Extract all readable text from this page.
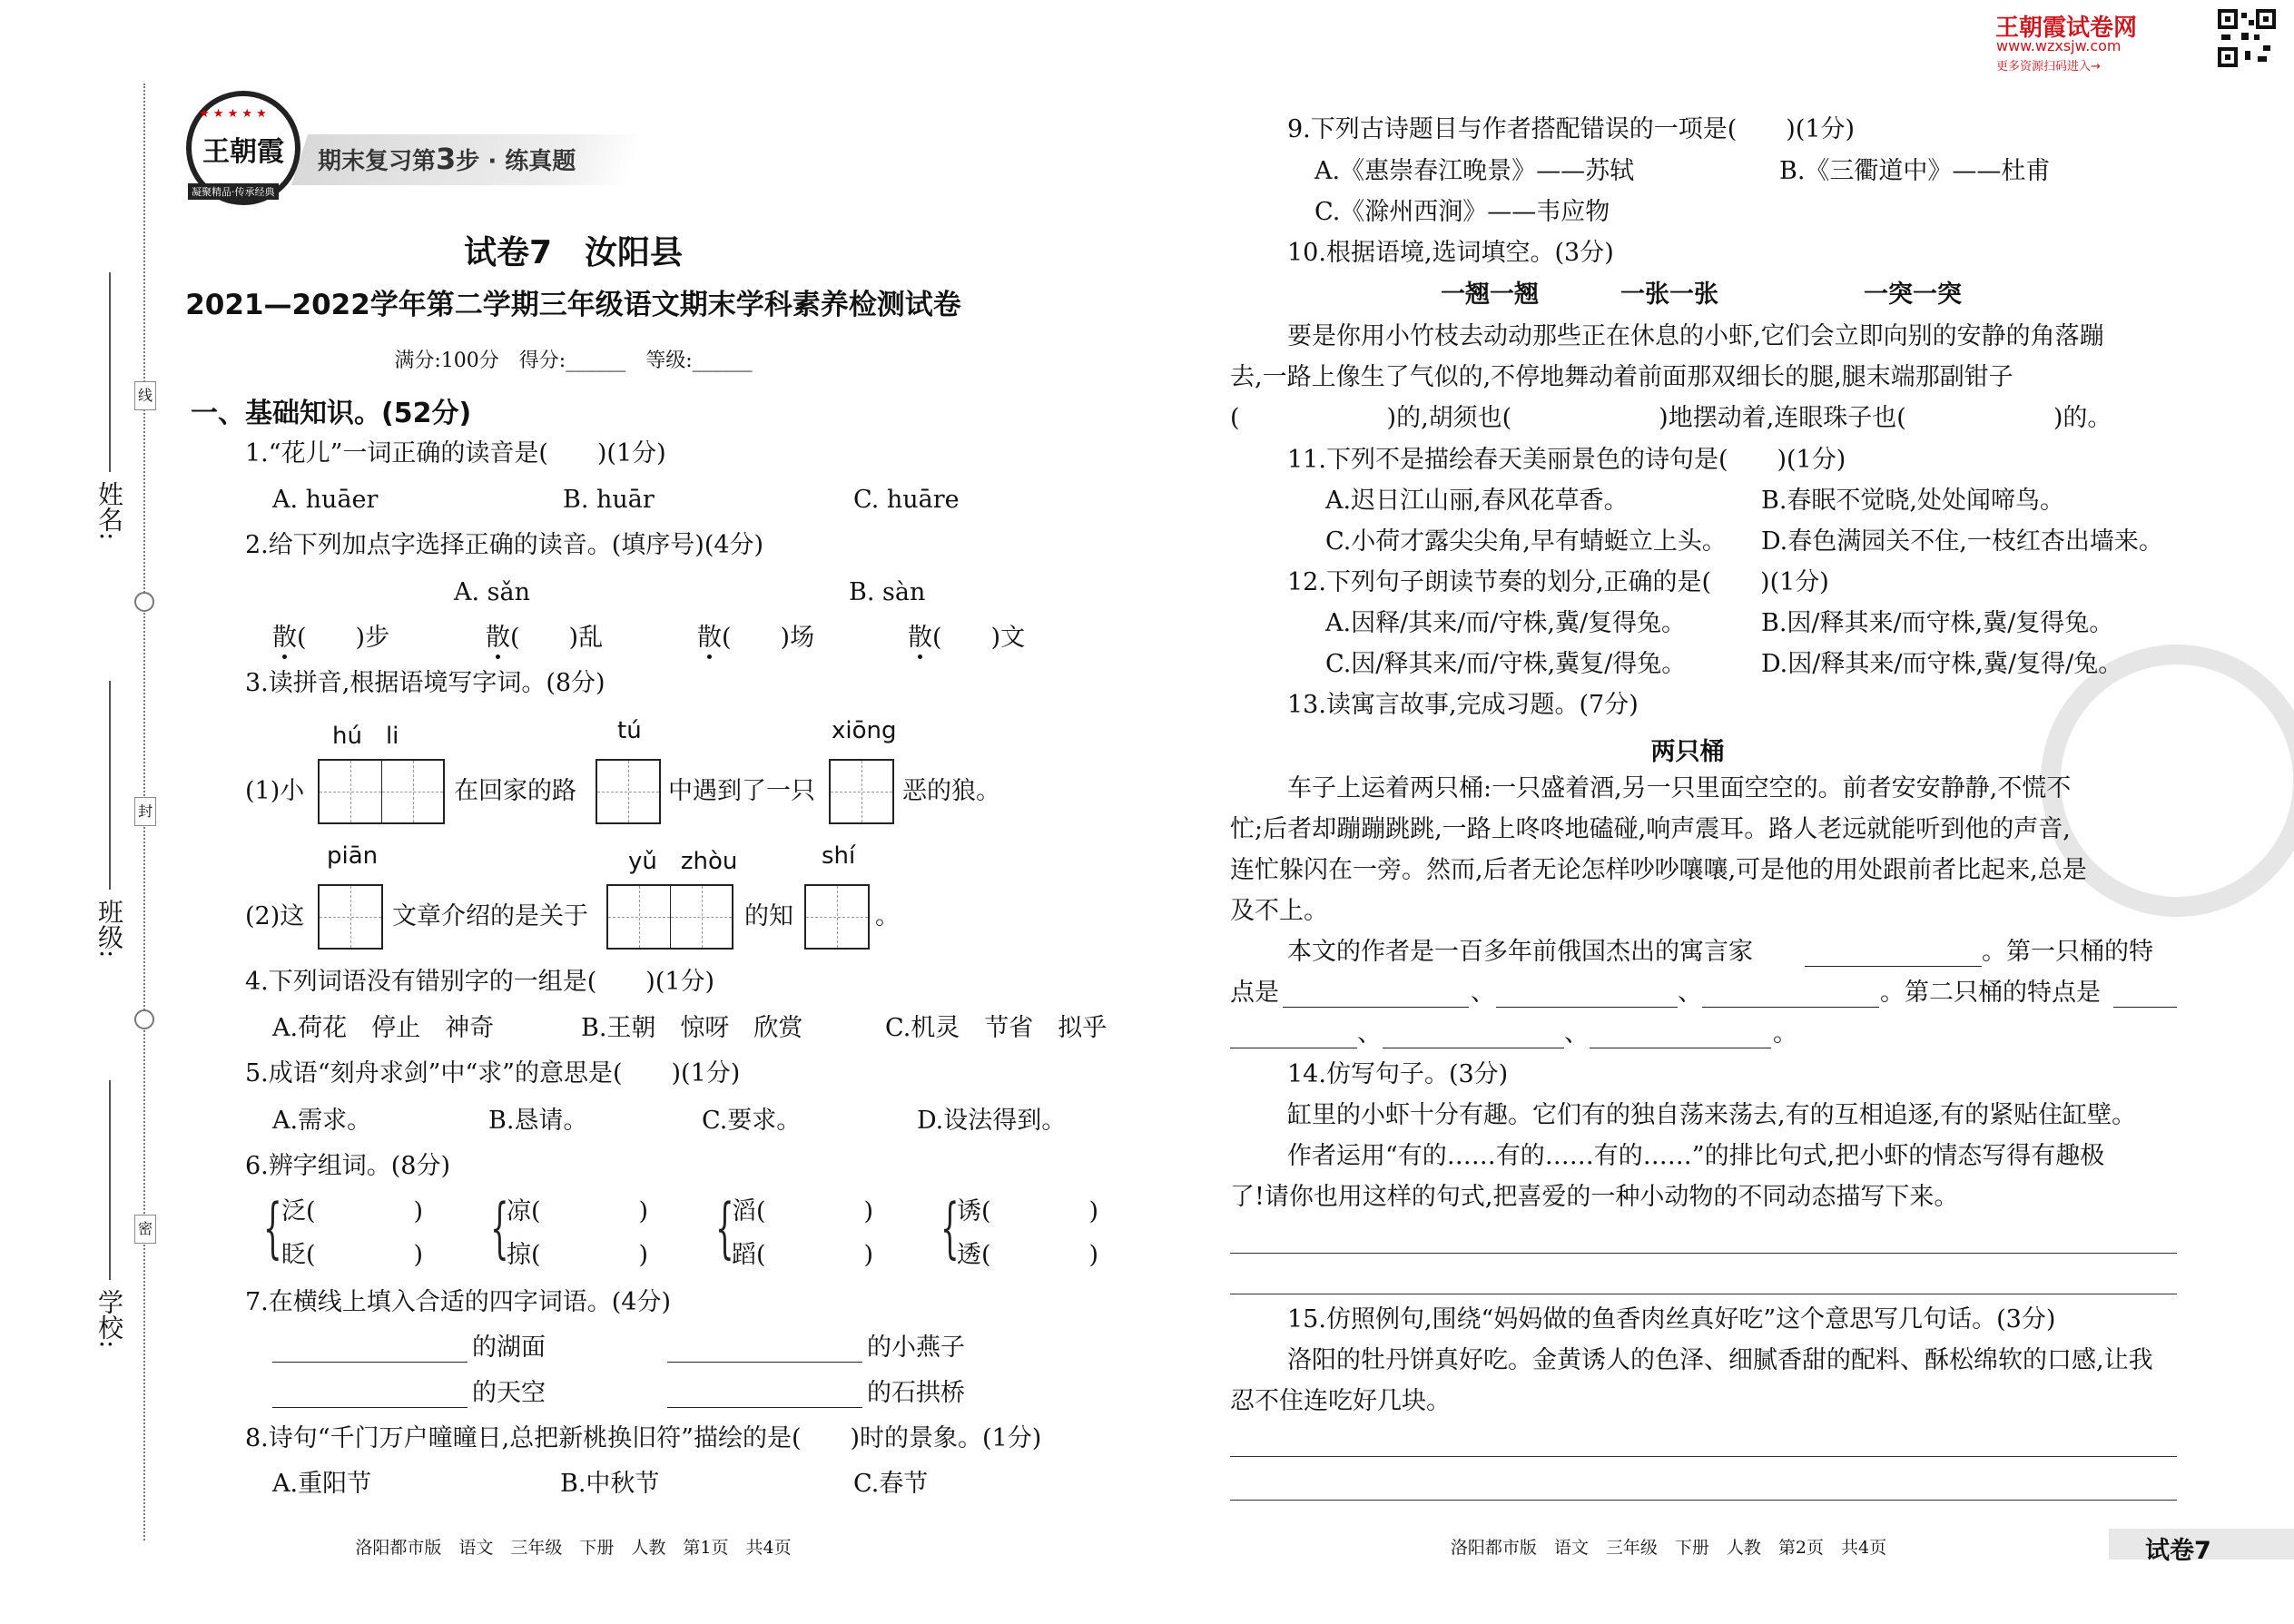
线
封
密
姓名:
班级:
学校:
★ ★ ★ ★ ★
王朝霞
凝聚精品·传承经典
期末复习第3步 · 练真题
试卷7　汝阳县
2021—2022学年第二学期三年级语文期末学科素养检测试卷
满分:100分　得分:______　等级:______
一、基础知识。(52分)
1.“花儿”一词正确的读音是(　　)(1分)
A. huāer	B. huār	C. huāre
2.给下列加点字选择正确的读音。(填序号)(4分)
A. sǎn	B. sàn
散(　　)步	散(　　)乱	散(　　)场	散(　　)文
3.读拼音,根据语境写字词。(8分)
hú　li	tú	xiōng
(1)小	在回家的路	中遇到了一只	恶的狼。
piān	yǔ　zhòu	shí
(2)这	文章介绍的是关于	的知	。
4.下列词语没有错别字的一组是(　　)(1分)
A.荷花　停止　神奇	B.王朝　惊呀　欣赏	C.机灵　节省　拟乎
5.成语“刻舟求剑”中“求”的意思是(　　)(1分)
A.需求。	B.恳请。	C.要求。	D.设法得到。
6.辨字组词。(8分)
{ 泛(　　　　)
眨(　　　　) {
凉(　　　　)
掠(　　　　) {
滔(　　　　)
蹈(　　　　) {
诱(　　　　)
透(　　　　)
7.在横线上填入合适的四字词语。(4分)
的湖面	的小燕子
的天空	的石拱桥
8.诗句“千门万户曈曈日,总把新桃换旧符”描绘的是(　　)时的景象。(1分)
A.重阳节	B.中秋节	C.春节
洛阳都市版　语文　三年级　下册　人教　第1页　共4页
王朝霞试卷网
www.wzxsjw.com
更多资源扫码进入→
9.下列古诗题目与作者搭配错误的一项是(　　)(1分)
A.《惠崇春江晚景》——苏轼	B.《三衢道中》——杜甫
C.《滁州西涧》——韦应物
10.根据语境,选词填空。(3分)
一翘一翘	一张一张	一突一突
要是你用小竹枝去动动那些正在休息的小虾,它们会立即向别的安静的角落蹦
去,一路上像生了气似的,不停地舞动着前面那双细长的腿,腿末端那副钳子
(　　　　　　)的,胡须也(　　　　　　)地摆动着,连眼珠子也(　　　　　　)的。
11.下列不是描绘春天美丽景色的诗句是(　　)(1分)
A.迟日江山丽,春风花草香。	B.春眠不觉晓,处处闻啼鸟。
C.小荷才露尖尖角,早有蜻蜓立上头。 D.春色满园关不住,一枝红杏出墙来。
12.下列句子朗读节奏的划分,正确的是(　　)(1分)
A.因释/其来/而/守株,冀/复得兔。	B.因/释其来/而守株,冀/复得兔。
C.因/释其来/而/守株,冀复/得兔。	D.因/释其来/而守株,冀/复得/兔。
13.读寓言故事,完成习题。(7分)
两只桶
车子上运着两只桶:一只盛着酒,另一只里面空空的。前者安安静静,不慌不
忙;后者却蹦蹦跳跳,一路上咚咚地磕碰,响声震耳。路人老远就能听到他的声音,
连忙躲闪在一旁。然而,后者无论怎样吵吵嚷嚷,可是他的用处跟前者比起来,总是
及不上。
本文的作者是一百多年前俄国杰出的寓言家	。第一只桶的特
点是	、	、	。第二只桶的特点是
、	、	。
14.仿写句子。(3分)
缸里的小虾十分有趣。它们有的独自荡来荡去,有的互相追逐,有的紧贴住缸壁。
作者运用“有的……有的……有的……”的排比句式,把小虾的情态写得有趣极
了!请你也用这样的句式,把喜爱的一种小动物的不同动态描写下来。
15.仿照例句,围绕“妈妈做的鱼香肉丝真好吃”这个意思写几句话。(3分)
洛阳的牡丹饼真好吃。金黄诱人的色泽、细腻香甜的配料、酥松绵软的口感,让我
忍不住连吃好几块。
洛阳都市版　语文　三年级　下册　人教　第2页　共4页	试卷7
